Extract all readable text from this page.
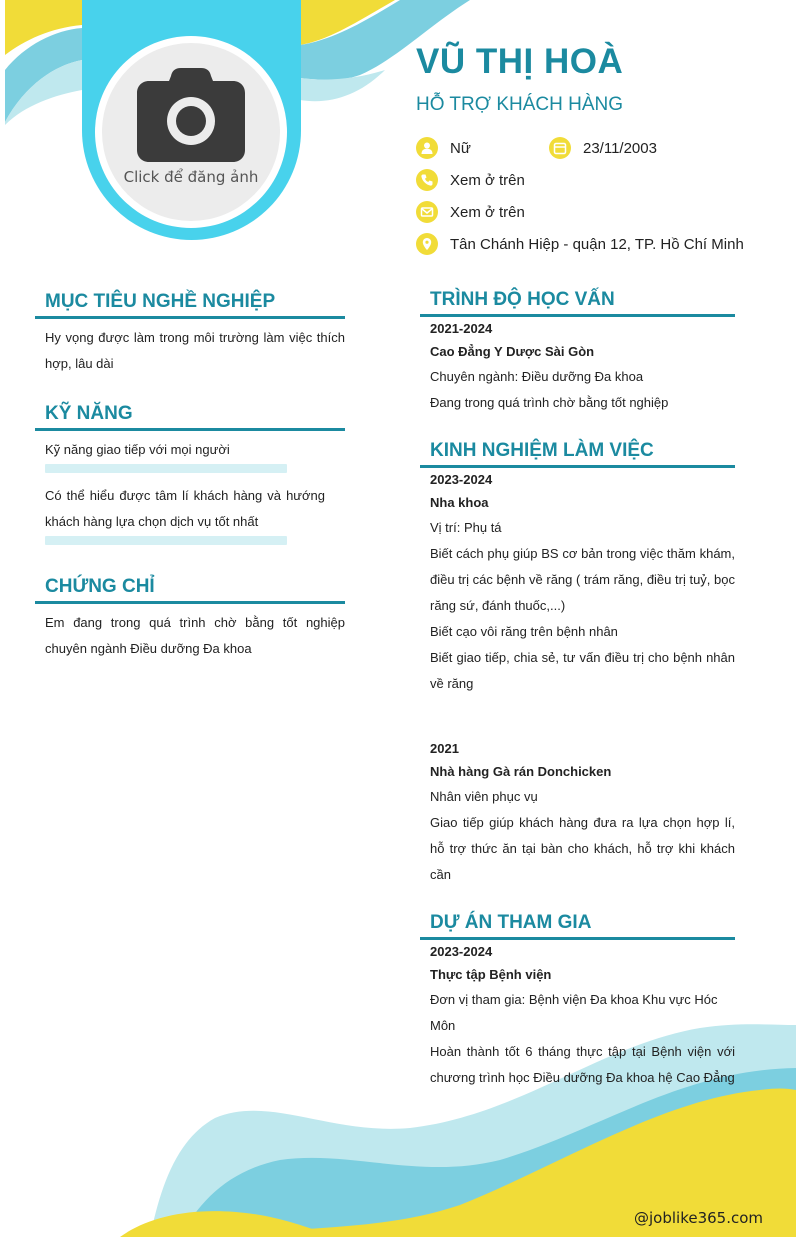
Click để đăng ảnh
VŨ THỊ HOÀ
HỖ TRỢ KHÁCH HÀNG
Nữ	23/11/2003
Xem ở trên
Xem ở trên
Tân Chánh Hiệp - quận 12, TP. Hồ Chí Minh
MỤC TIÊU NGHỀ NGHIỆP
Hy vọng được làm trong môi trường làm việc thích hợp, lâu dài
KỸ NĂNG
Kỹ năng giao tiếp với mọi người
Có thể hiểu được tâm lí khách hàng và hướng khách hàng lựa chọn dịch vụ tốt nhất
CHỨNG CHỈ
Em đang trong quá trình chờ bằng tốt nghiệp chuyên ngành Điều dưỡng Đa khoa
TRÌNH ĐỘ HỌC VẤN
2021-2024
Cao Đẳng Y Dược Sài Gòn
Chuyên ngành: Điều dưỡng Đa khoa
Đang trong quá trình chờ bằng tốt nghiệp
KINH NGHIỆM LÀM VIỆC
2023-2024
Nha khoa
Vị trí: Phụ tá
Biết cách phụ giúp BS cơ bản trong việc thăm khám, điều trị các bệnh về răng ( trám răng, điều trị tuỷ, bọc răng sứ, đánh thuốc,...)
Biết cạo vôi răng trên bệnh nhân
Biết giao tiếp, chia sẻ, tư vấn điều trị cho bệnh nhân về răng
2021
Nhà hàng Gà rán Donchicken
Nhân viên phục vụ
Giao tiếp giúp khách hàng đưa ra lựa chọn hợp lí, hỗ trợ thức ăn tại bàn cho khách, hỗ trợ khi khách cần
DỰ ÁN THAM GIA
2023-2024
Thực tập Bệnh viện
Đơn vị tham gia: Bệnh viện Đa khoa Khu vực Hóc Môn
Hoàn thành tốt 6 tháng thực tập tại Bệnh viện với chương trình học Điều dưỡng Đa khoa hệ Cao Đẳng
@joblike365.com
